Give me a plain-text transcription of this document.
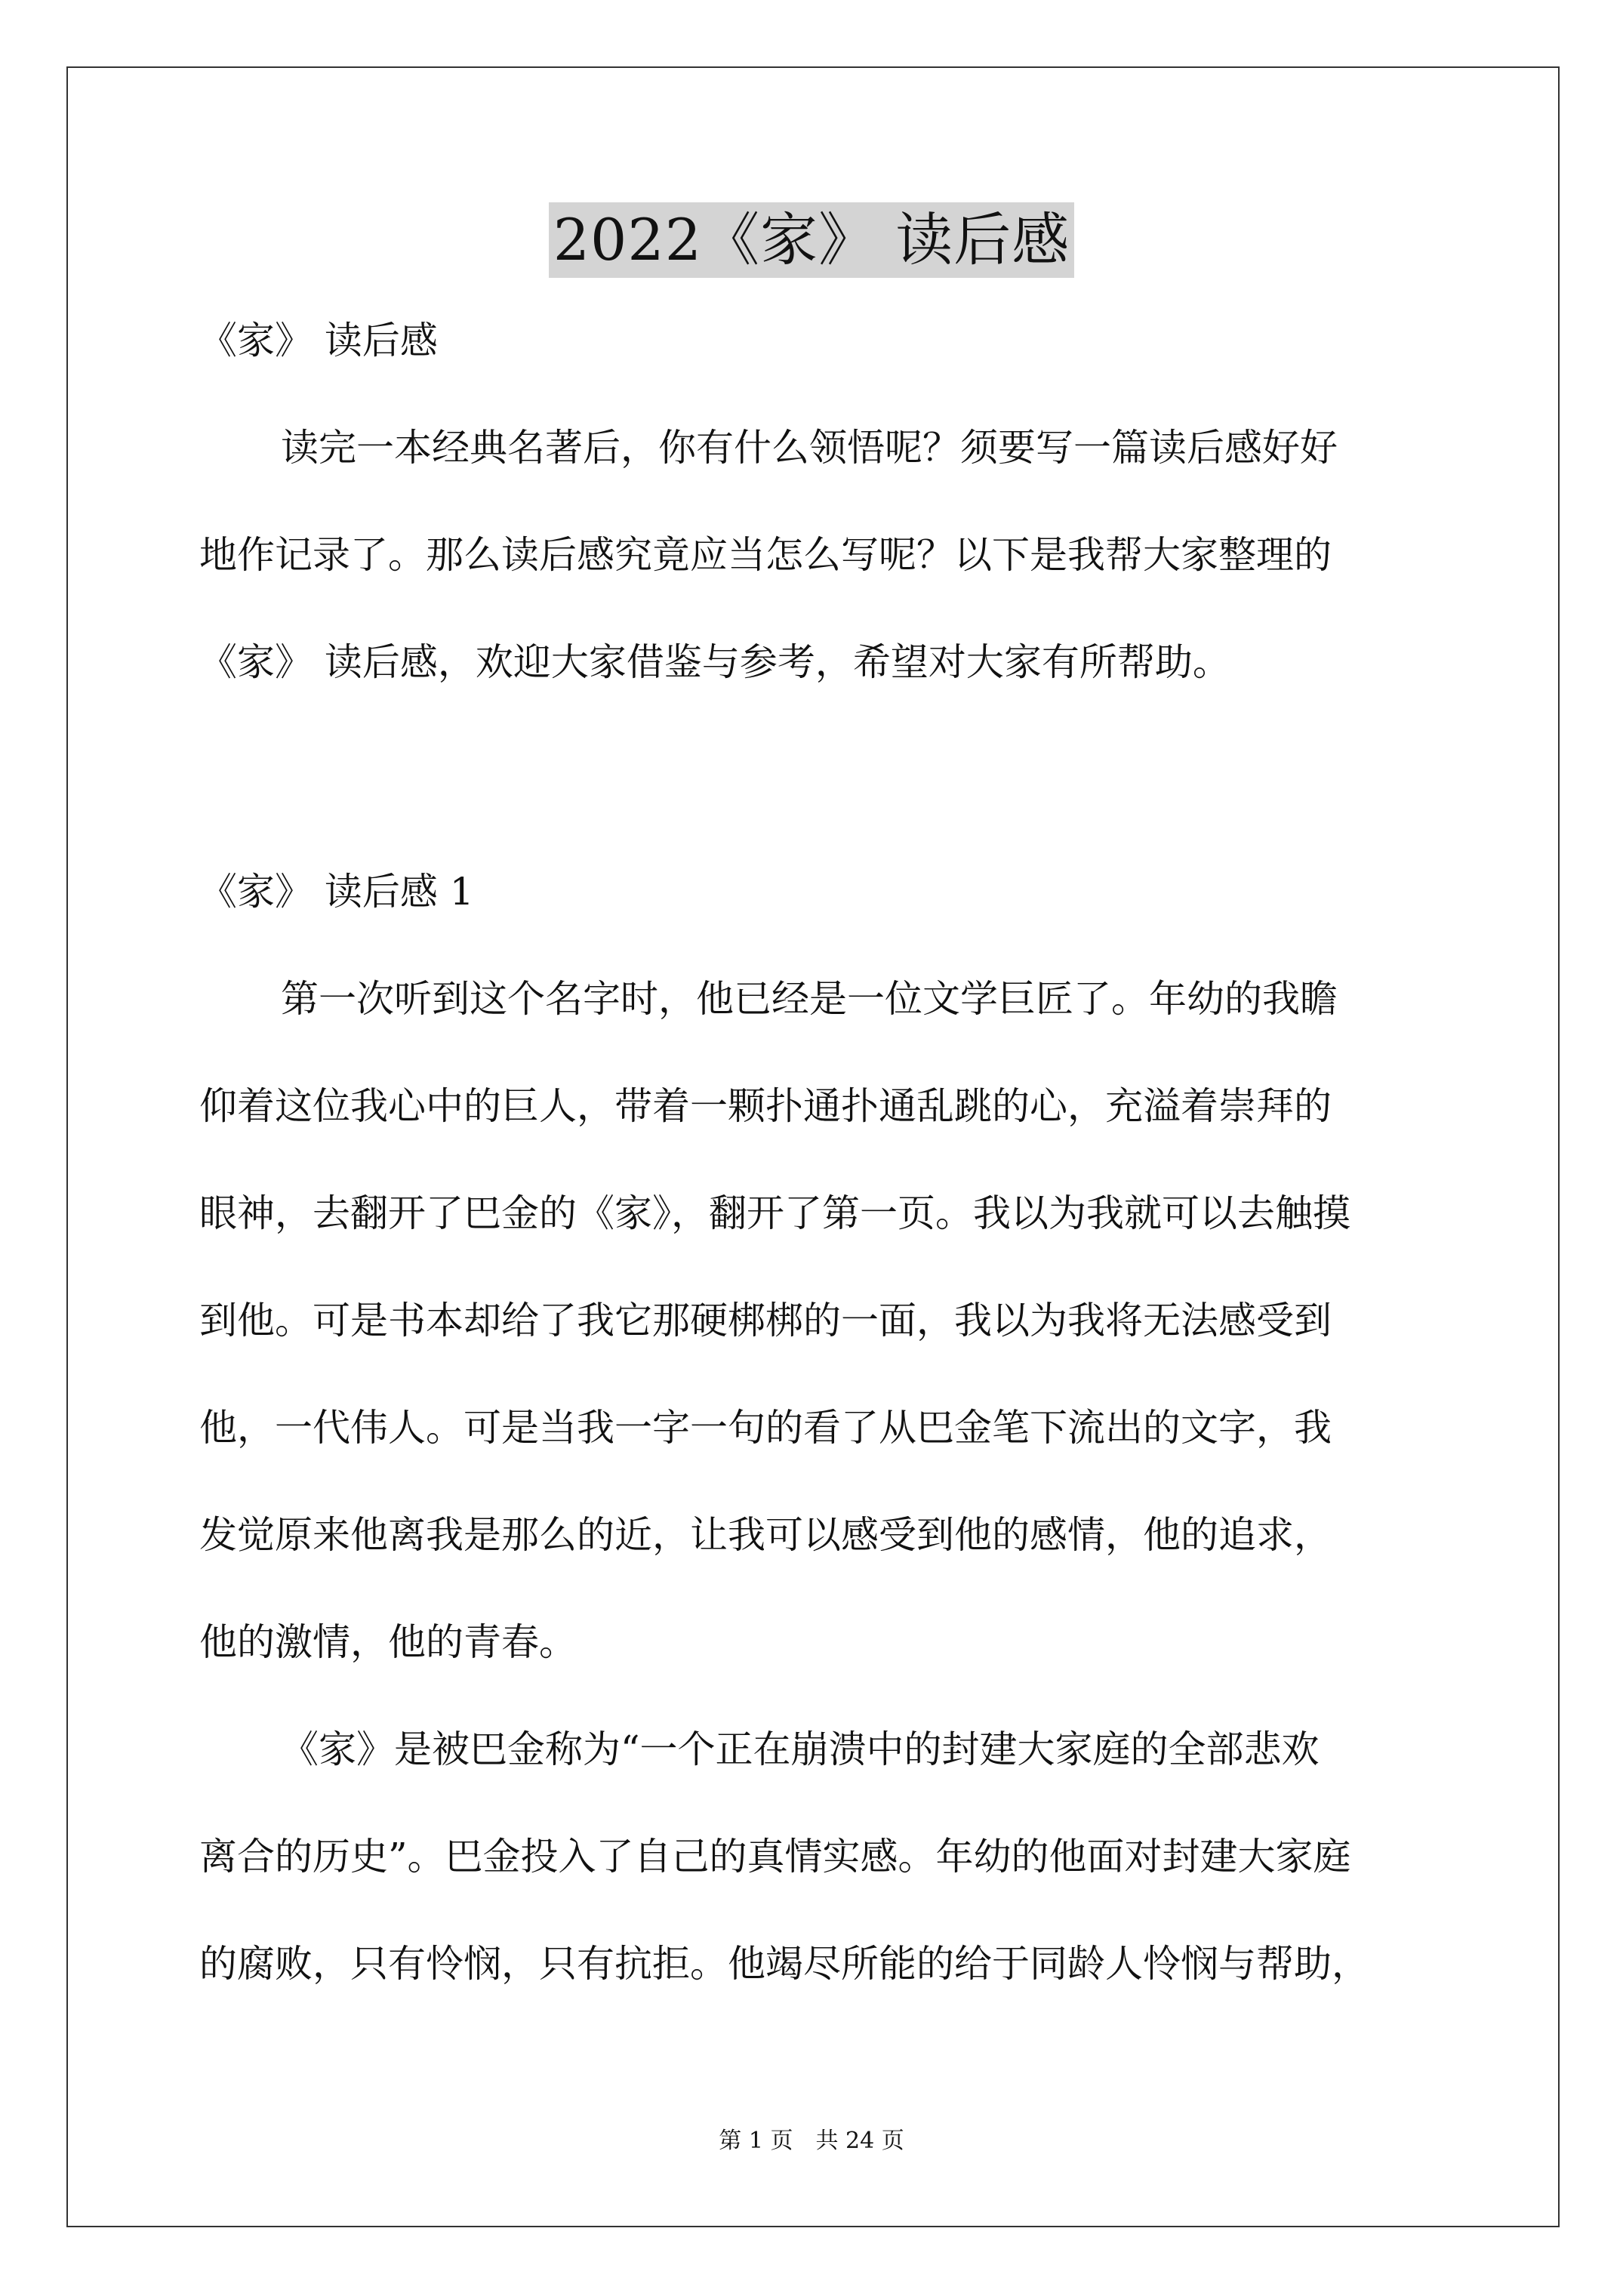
2022《家》 读后感
《家》 读后感
读完一本经典名著后，你有什么领悟呢？须要写一篇读后感好好
地作记录了。那么读后感究竟应当怎么写呢？以下是我帮大家整理的
《家》 读后感，欢迎大家借鉴与参考，希望对大家有所帮助。
《家》 读后感 1
第一次听到这个名字时，他已经是一位文学巨匠了。年幼的我瞻
仰着这位我心中的巨人，带着一颗扑通扑通乱跳的心，充溢着崇拜的
眼神，去翻开了巴金的《家》，翻开了第一页。我以为我就可以去触摸
到他。可是书本却给了我它那硬梆梆的一面，我以为我将无法感受到
他，一代伟人。可是当我一字一句的看了从巴金笔下流出的文字，我
发觉原来他离我是那么的近，让我可以感受到他的感情，他的追求，
他的激情，他的青春。
《家》是被巴金称为“一个正在崩溃中的封建大家庭的全部悲欢
离合的历史”。巴金投入了自己的真情实感。年幼的他面对封建大家庭
的腐败，只有怜悯，只有抗拒。他竭尽所能的给于同龄人怜悯与帮助，
第 1 页　共 24 页
